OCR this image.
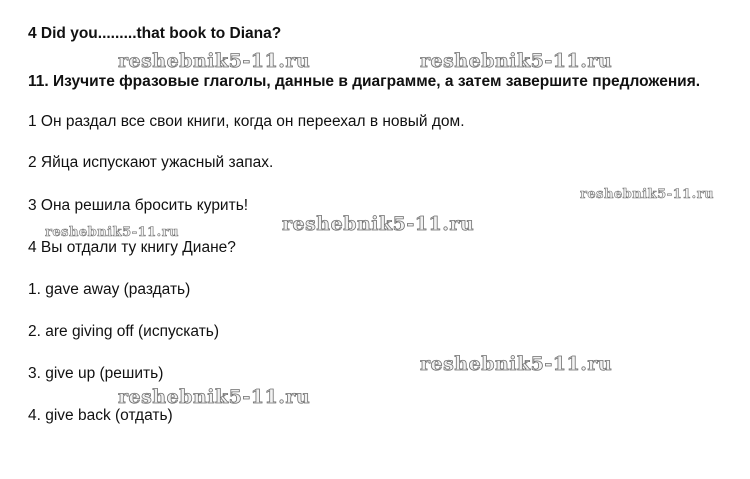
4 Did you.........that book to Diana?
11. Изучите фразовые глаголы, данные в диаграмме, а затем завершите предложения.
1 Он раздал все свои книги, когда он переехал в новый дом.
2 Яйца испускают ужасный запах.
3 Она решила бросить курить!
4 Вы отдали ту книгу Диане?
1. gave away (раздать)
2. are giving off (испускать)
3. give up (решить)
4. give back (отдать)
reshebnik5-11.ru	reshebnik5-11.ru
reshebnik5-11.ru
reshebnik5-11.ru
reshebnik5-11.ru
reshebnik5-11.ru
reshebnik5-11.ru
